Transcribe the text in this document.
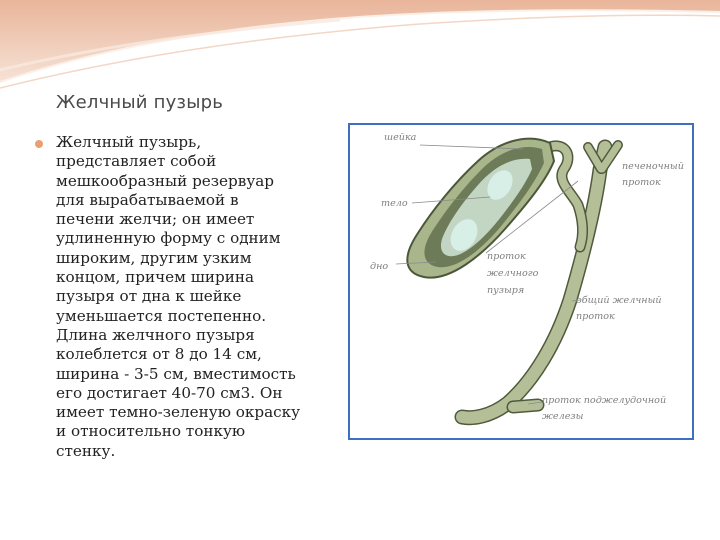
Желчный пузырь
Желчный пузырь,
представляет собой
мешкообразный резервуар
для вырабатываемой в
печени желчи; он имеет
удлиненную форму с одним
широким, другим узким
концом, причем ширина
пузыря от дна к шейке
уменьшается постепенно.
Длина желчного пузыря
колеблется от 8 до 14 см,
ширина - 3-5 см, вместимость
его достигает 40-70 см3. Он
имеет темно-зеленую окраску
и относительно тонкую
стенку.
шейка
печеночный
проток
тело
дно
проток
желчного
пузыря
общий желчный
проток
проток поджелудочной
железы
